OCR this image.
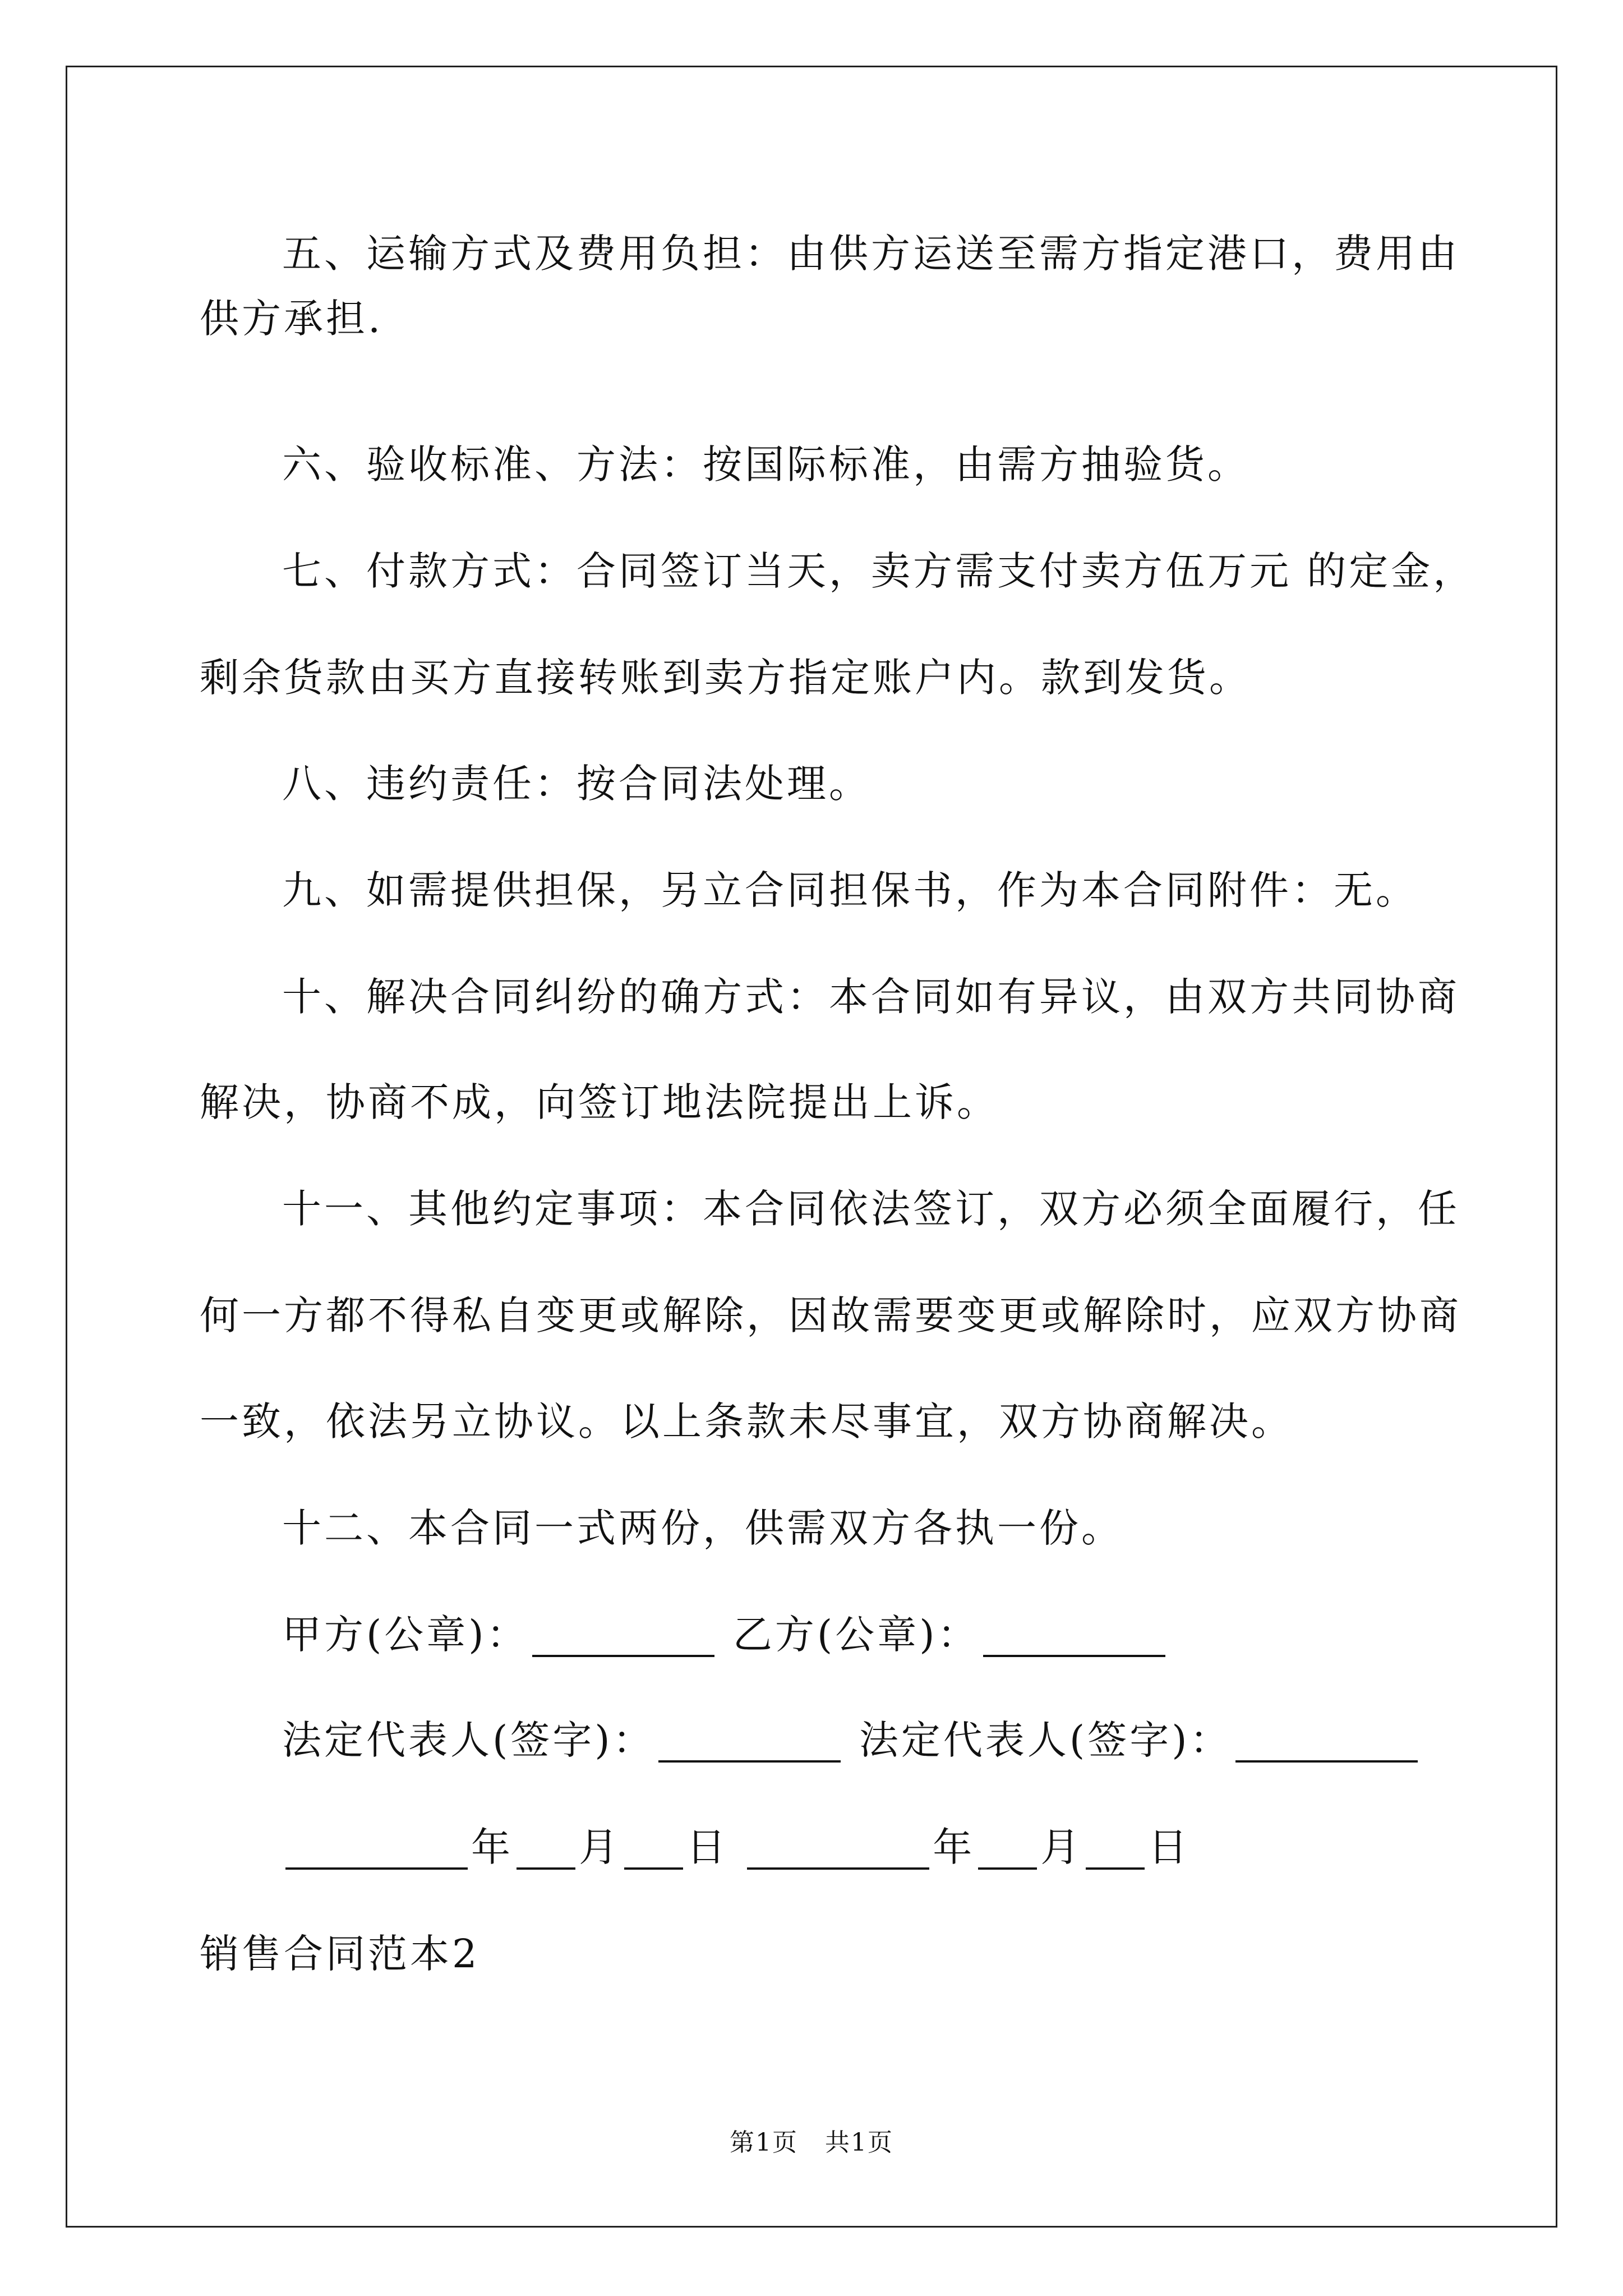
五、运输方式及费用负担：由供方运送至需方指定港口，费用由
供方承担.
六、验收标准、方法：按国际标准，由需方抽验货。
七、付款方式：合同签订当天，卖方需支付卖方伍万元 的定金，
剩余货款由买方直接转账到卖方指定账户内。款到发货。
八、违约责任：按合同法处理。
九、如需提供担保，另立合同担保书，作为本合同附件：无。
十、解决合同纠纷的确方式：本合同如有异议，由双方共同协商
解决，协商不成，向签订地法院提出上诉。
十一、其他约定事项：本合同依法签订，双方必须全面履行，任
何一方都不得私自变更或解除，因故需要变更或解除时，应双方协商
一致，依法另立协议。以上条款未尽事宜，双方协商解决。
十二、本合同一式两份，供需双方各执一份。
甲方(公章)：	乙方(公章)：
法定代表人(签字)：	法定代表人(签字)：
年 月 日	年 月 日
销售合同范本2
第1页 共1页
